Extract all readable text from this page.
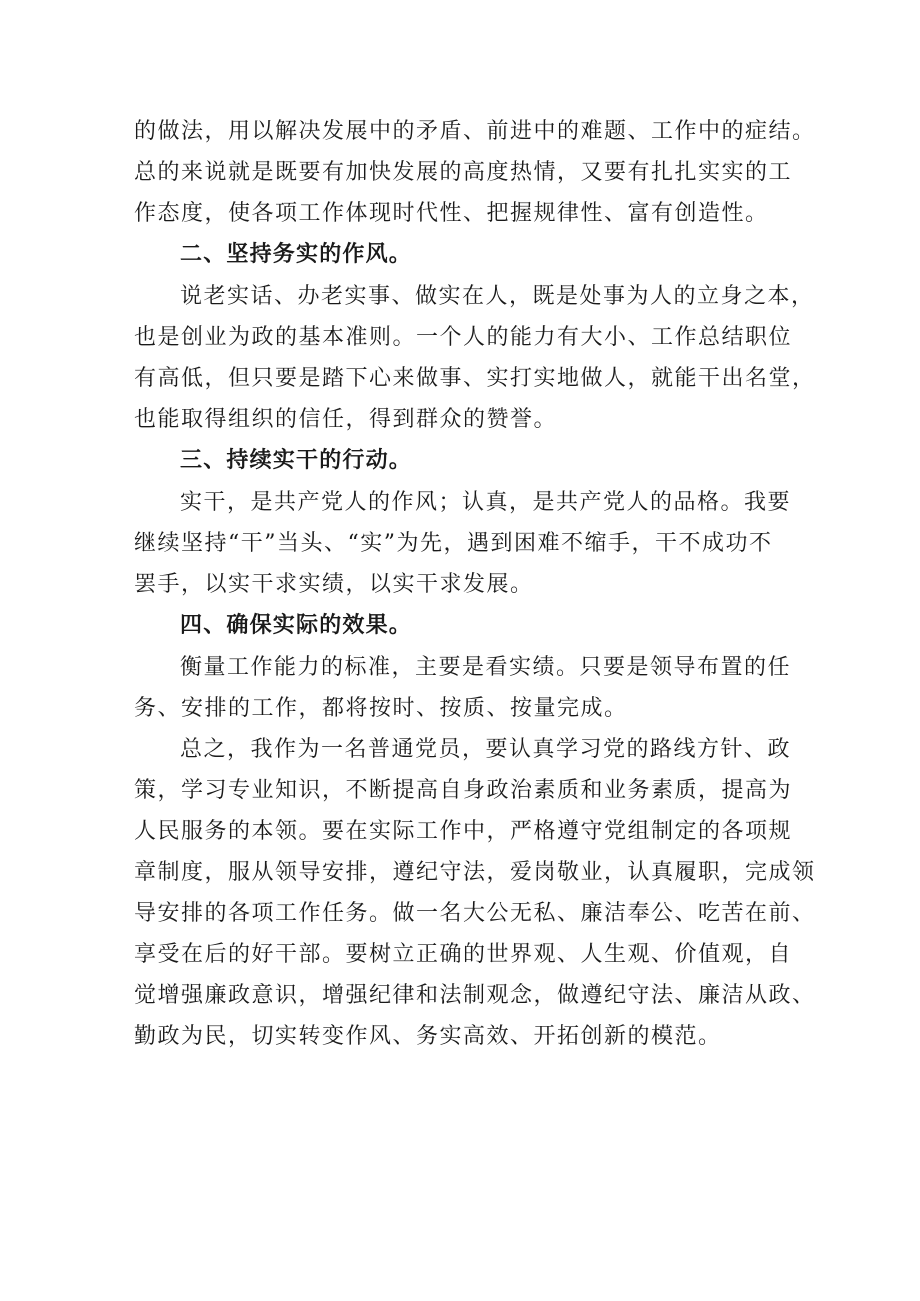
的做法，用以解决发展中的矛盾、前进中的难题、工作中的症结。
总的来说就是既要有加快发展的高度热情，又要有扎扎实实的工
作态度，使各项工作体现时代性、把握规律性、富有创造性。
二、坚持务实的作风。
说老实话、办老实事、做实在人，既是处事为人的立身之本，
也是创业为政的基本准则。一个人的能力有大小、工作总结职位
有高低，但只要是踏下心来做事、实打实地做人，就能干出名堂，
也能取得组织的信任，得到群众的赞誉。
三、持续实干的行动。
实干，是共产党人的作风；认真，是共产党人的品格。我要
继续坚持“干”当头、“实”为先，遇到困难不缩手，干不成功不
罢手，以实干求实绩，以实干求发展。
四、确保实际的效果。
衡量工作能力的标准，主要是看实绩。只要是领导布置的任
务、安排的工作，都将按时、按质、按量完成。
总之，我作为一名普通党员，要认真学习党的路线方针、政
策，学习专业知识，不断提高自身政治素质和业务素质，提高为
人民服务的本领。要在实际工作中，严格遵守党组制定的各项规
章制度，服从领导安排，遵纪守法，爱岗敬业，认真履职，完成领
导安排的各项工作任务。做一名大公无私、廉洁奉公、吃苦在前、
享受在后的好干部。要树立正确的世界观、人生观、价值观，自
觉增强廉政意识，增强纪律和法制观念，做遵纪守法、廉洁从政、
勤政为民，切实转变作风、务实高效、开拓创新的模范。
